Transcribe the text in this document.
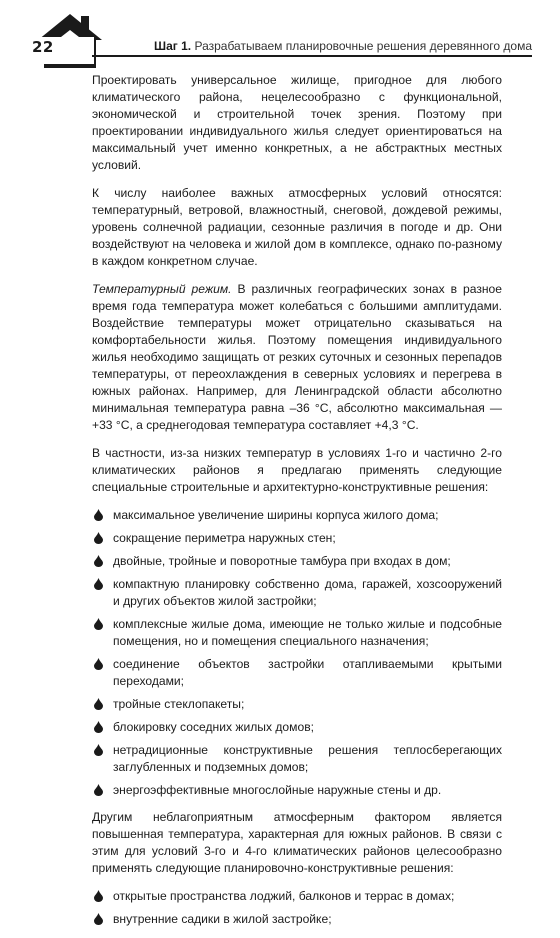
22	Шаг 1. Разрабатываем планировочные решения деревянного дома

Проектировать универсальное жилище, пригодное для любого климатического района, нецелесообразно с функциональной, экономической и строительной точек зрения. Поэтому при проектировании индивидуального жилья следует ориентироваться на максимальный учет именно конкретных, а не абстрактных местных условий.

К числу наиболее важных атмосферных условий относятся: температурный, ветровой, влажностный, снеговой, дождевой режимы, уровень солнечной радиации, сезонные различия в погоде и др. Они воздействуют на человека и жилой дом в комплексе, однако по-разному в каждом конкретном случае.

Температурный режим. В различных географических зонах в разное время года температура может колебаться с большими амплитудами. Воздействие температуры может отрицательно сказываться на комфортабельности жилья. Поэтому помещения индивидуального жилья необходимо защищать от резких суточных и сезонных перепадов температуры, от переохлаждения в северных условиях и перегрева в южных районах. Например, для Ленинградской области абсолютно минимальная температура равна –36 °С, абсолютно максимальная — +33 °С, а среднегодовая температура составляет +4,3 °С.

В частности, из-за низких температур в условиях 1-го и частично 2-го климатических районов я предлагаю применять следующие специальные строительные и архитектурно-конструктивные решения:

максимальное увеличение ширины корпуса жилого дома;
сокращение периметра наружных стен;
двойные, тройные и поворотные тамбура при входах в дом;
компактную планировку собственно дома, гаражей, хозсооружений и других объектов жилой застройки;
комплексные жилые дома, имеющие не только жилые и подсобные помещения, но и помещения специального назначения;
соединение объектов застройки отапливаемыми крытыми переходами;
тройные стеклопакеты;
блокировку соседних жилых домов;
нетрадиционные конструктивные решения теплосберегающих заглубленных и подземных домов;
энергоэффективные многослойные наружные стены и др.

Другим неблагоприятным атмосферным фактором является повышенная температура, характерная для южных районов. В связи с этим для условий 3-го и 4-го климатических районов целесообразно применять следующие планировочно-конструктивные решения:

открытые пространства лоджий, балконов и террас в домах;
внутренние садики в жилой застройке;
